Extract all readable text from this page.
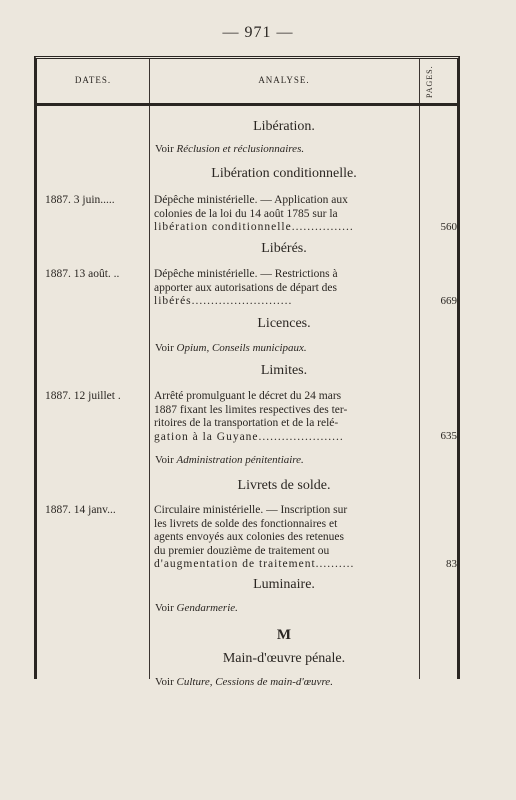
— 971 —
DATES.	ANALYSE.	PAGES.
Libération.
Voir Réclusion et réclusionnaires.
Libération conditionnelle.
1887. 3 juin.....	Dépêche ministérielle. — Application aux
colonies de la loi du 14 août 1785 sur la
libération conditionnelle................	560
Libérés.
1887. 13 août. ..	Dépêche ministérielle. — Restrictions à
apporter aux autorisations de départ des
libérés..........................	669
Licences.
Voir Opium, Conseils municipaux.
Limites.
1887. 12 juillet .	Arrêté promulguant le décret du 24 mars
1887 fixant les limites respectives des ter-
ritoires de la transportation et de la relé-
gation à la Guyane......................	635
Voir Administration pénitentiaire.
Livrets de solde.
1887. 14 janv...	Circulaire ministérielle. — Inscription sur
les livrets de solde des fonctionnaires et
agents envoyés aux colonies des retenues
du premier douzième de traitement ou
d'augmentation de traitement..........	83
Luminaire.
Voir Gendarmerie.
M
Main-d'œuvre pénale.
Voir Culture, Cessions de main-d'œuvre.
